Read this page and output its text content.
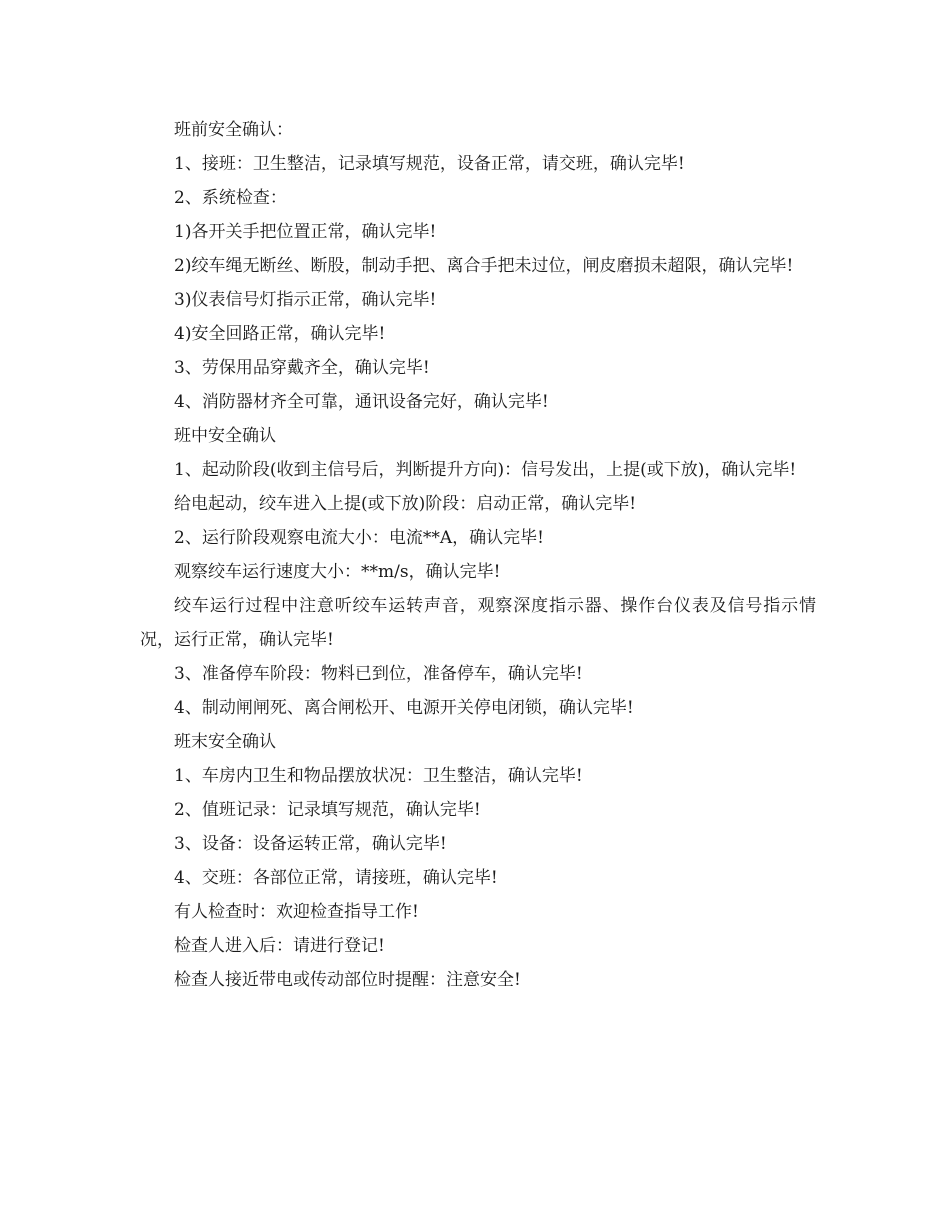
班前安全确认：

1、接班：卫生整洁，记录填写规范，设备正常，请交班，确认完毕!

2、系统检查：

1)各开关手把位置正常，确认完毕!

2)绞车绳无断丝、断股，制动手把、离合手把未过位，闸皮磨损未超限，确认完毕!

3)仪表信号灯指示正常，确认完毕!

4)安全回路正常，确认完毕!

3、劳保用品穿戴齐全，确认完毕!

4、消防器材齐全可靠，通讯设备完好，确认完毕!

班中安全确认

1、起动阶段(收到主信号后，判断提升方向)：信号发出，上提(或下放)，确认完毕!

给电起动，绞车进入上提(或下放)阶段：启动正常，确认完毕!

2、运行阶段观察电流大小：电流**A，确认完毕!

观察绞车运行速度大小：**m/s，确认完毕!

绞车运行过程中注意听绞车运转声音，观察深度指示器、操作台仪表及信号指示情况，运行正常，确认完毕!

3、准备停车阶段：物料已到位，准备停车，确认完毕!

4、制动闸闸死、离合闸松开、电源开关停电闭锁，确认完毕!

班末安全确认

1、车房内卫生和物品摆放状况：卫生整洁，确认完毕!

2、值班记录：记录填写规范，确认完毕!

3、设备：设备运转正常，确认完毕!

4、交班：各部位正常，请接班，确认完毕!

有人检查时：欢迎检查指导工作!

检查人进入后：请进行登记!

检查人接近带电或传动部位时提醒：注意安全!
